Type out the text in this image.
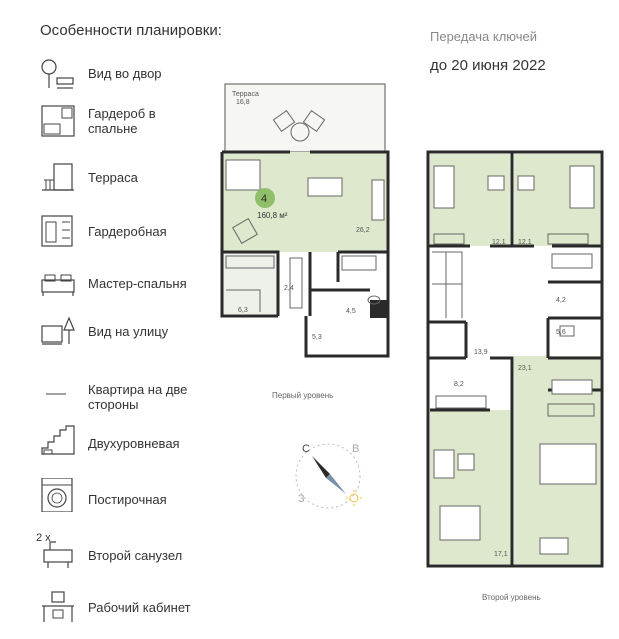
Особенности планировки:
Вид во двор
Гардероб в спальне
Терраса
Гардеробная
Мастер-спальня
Вид на улицу
Квартира на две стороны
Двухуровневая
Постирочная
2 х
Второй санузел
Рабочий кабинет
Передача ключей
до 20 июня 2022
Терраса
16,8
4
160,8 м²
26,2
6,3
2,4
4,5
5,3
Первый уровень
12,1 12,1
4,2
5,6
13,9
8,2
23,1
17,1
Второй уровень
С	В
З
